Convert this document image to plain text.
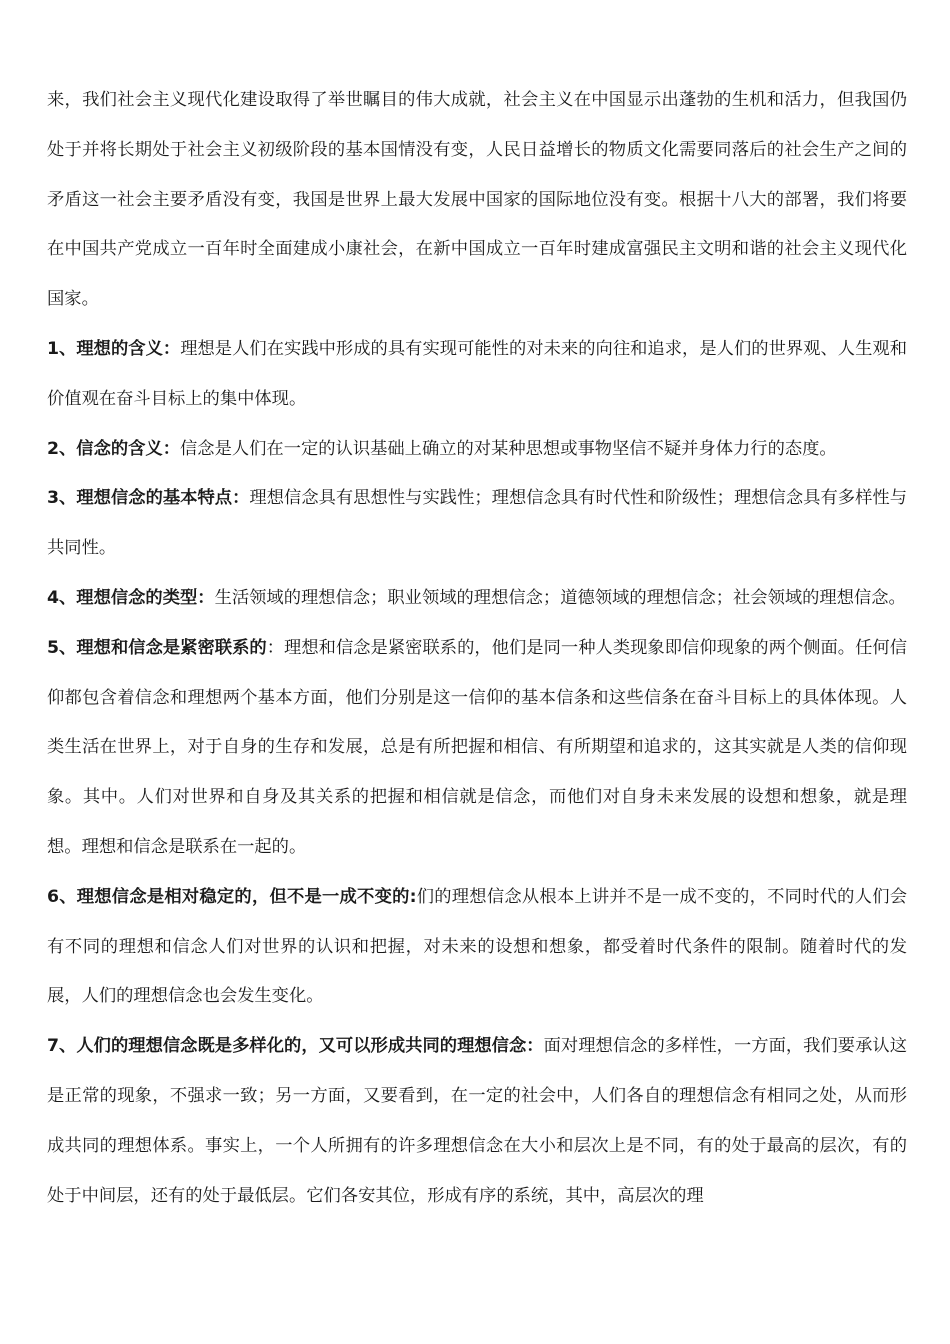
来，我们社会主义现代化建设取得了举世瞩目的伟大成就，社会主义在中国显示出蓬勃的生机和活力，但我国仍处于并将长期处于社会主义初级阶段的基本国情没有变，人民日益增长的物质文化需要同落后的社会生产之间的矛盾这一社会主要矛盾没有变，我国是世界上最大发展中国家的国际地位没有变。根据十八大的部署，我们将要在中国共产党成立一百年时全面建成小康社会，在新中国成立一百年时建成富强民主文明和谐的社会主义现代化国家。

1、理想的含义：理想是人们在实践中形成的具有实现可能性的对未来的向往和追求，是人们的世界观、人生观和价值观在奋斗目标上的集中体现。

2、信念的含义：信念是人们在一定的认识基础上确立的对某种思想或事物坚信不疑并身体力行的态度。

3、理想信念的基本特点：理想信念具有思想性与实践性；理想信念具有时代性和阶级性；理想信念具有多样性与共同性。

4、理想信念的类型：生活领域的理想信念；职业领域的理想信念；道德领域的理想信念；社会领域的理想信念。

5、理想和信念是紧密联系的：理想和信念是紧密联系的，他们是同一种人类现象即信仰现象的两个侧面。任何信仰都包含着信念和理想两个基本方面，他们分别是这一信仰的基本信条和这些信条在奋斗目标上的具体体现。人类生活在世界上，对于自身的生存和发展，总是有所把握和相信、有所期望和追求的，这其实就是人类的信仰现象。其中。人们对世界和自身及其关系的把握和相信就是信念，而他们对自身未来发展的设想和想象，就是理想。理想和信念是联系在一起的。

6、理想信念是相对稳定的，但不是一成不变的:们的理想信念从根本上讲并不是一成不变的，不同时代的人们会有不同的理想和信念人们对世界的认识和把握，对未来的设想和想象，都受着时代条件的限制。随着时代的发展，人们的理想信念也会发生变化。

7、人们的理想信念既是多样化的，又可以形成共同的理想信念：面对理想信念的多样性，一方面，我们要承认这是正常的现象，不强求一致；另一方面，又要看到，在一定的社会中，人们各自的理想信念有相同之处，从而形成共同的理想体系。事实上，一个人所拥有的许多理想信念在大小和层次上是不同，有的处于最高的层次，有的处于中间层，还有的处于最低层。它们各安其位，形成有序的系统，其中，高层次的理
